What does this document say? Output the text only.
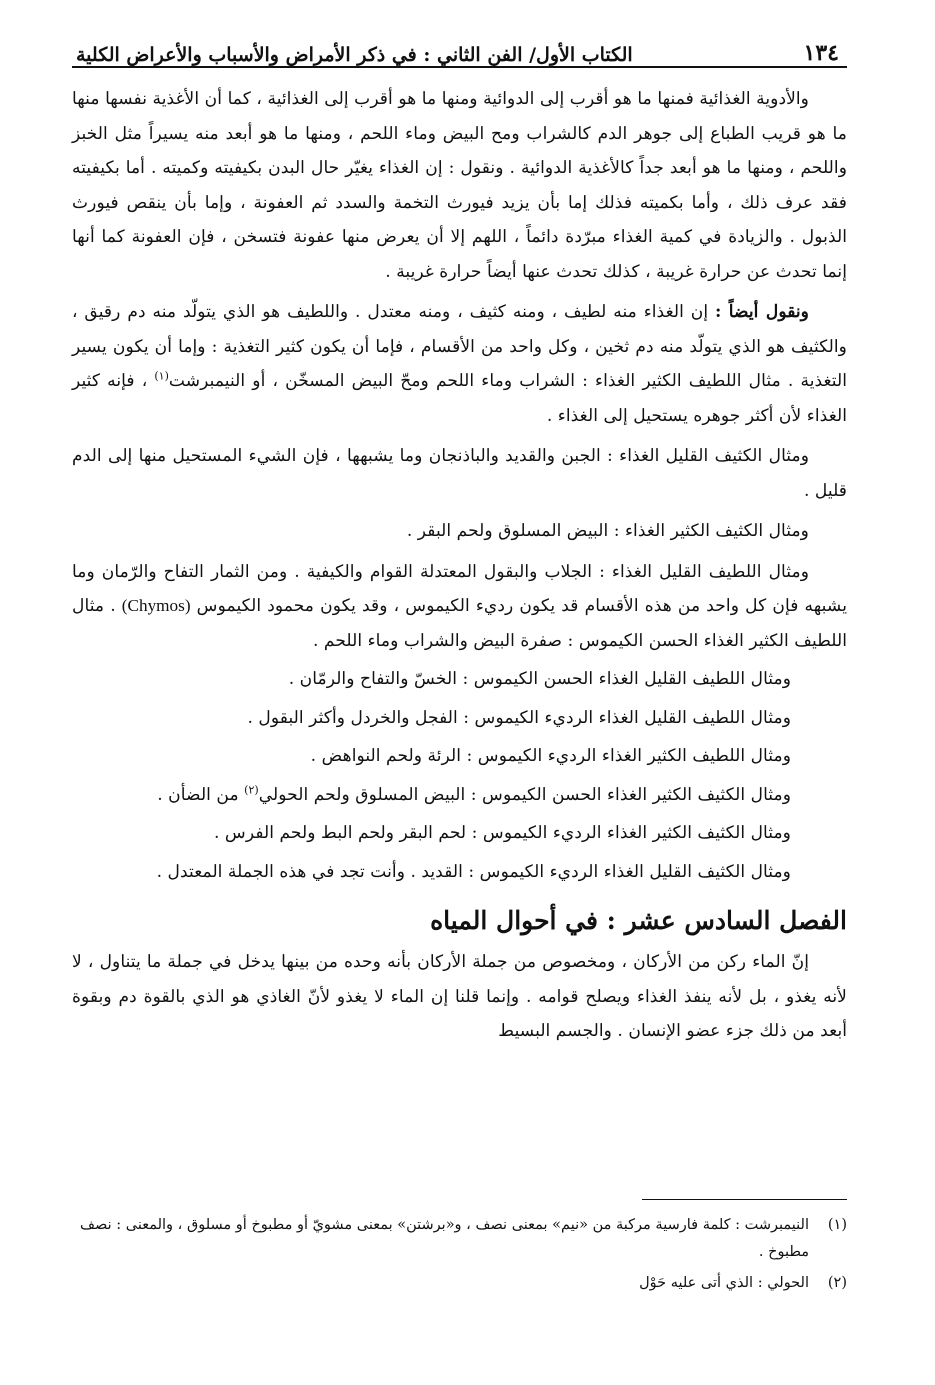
١٣٤
الكتاب الأول/ الفن الثاني : في ذكر الأمراض والأسباب والأعراض الكلية

والأدوية الغذائية فمنها ما هو أقرب إلى الدوائية ومنها ما هو أقرب إلى الغذائية ، كما أن الأغذية نفسها منها ما هو قريب الطباع إلى جوهر الدم كالشراب ومح البيض وماء اللحم ، ومنها ما هو أبعد منه يسيراً مثل الخبز واللحم ، ومنها ما هو أبعد جداً كالأغذية الدوائية . ونقول : إن الغذاء يغيّر حال البدن بكيفيته وكميته . أما بكيفيته فقد عرف ذلك ، وأما بكميته فذلك إما بأن يزيد فيورث التخمة والسدد ثم العفونة ، وإما بأن ينقص فيورث الذبول . والزيادة في كمية الغذاء مبرّدة دائماً ، اللهم إلا أن يعرض منها عفونة فتسخن ، فإن العفونة كما أنها إنما تحدث عن حرارة غريبة ، كذلك تحدث عنها أيضاً حرارة غريبة .

ونقول أيضاً : إن الغذاء منه لطيف ، ومنه كثيف ، ومنه معتدل . واللطيف هو الذي يتولّد منه دم رقيق ، والكثيف هو الذي يتولّد منه دم ثخين ، وكل واحد من الأقسام ، فإما أن يكون كثير التغذية : وإما أن يكون يسير التغذية . مثال اللطيف الكثير الغذاء : الشراب وماء اللحم ومحّ البيض المسخّن ، أو النيمبرشت$^{(١)}$ ، فإنه كثير الغذاء لأن أكثر جوهره يستحيل إلى الغذاء .

ومثال الكثيف القليل الغذاء : الجبن والقديد والباذنجان وما يشبهها ، فإن الشيء المستحيل منها إلى الدم قليل .

ومثال الكثيف الكثير الغذاء : البيض المسلوق ولحم البقر .

ومثال اللطيف القليل الغذاء : الجلاب والبقول المعتدلة القوام والكيفية . ومن الثمار التفاح والرّمان وما يشبهه فإن كل واحد من هذه الأقسام قد يكون رديء الكيموس ، وقد يكون محمود الكيموس (Chymos) . مثال اللطيف الكثير الغذاء الحسن الكيموس : صفرة البيض والشراب وماء اللحم .

ومثال اللطيف القليل الغذاء الحسن الكيموس : الخسّ والتفاح والرمّان .

ومثال اللطيف القليل الغذاء الرديء الكيموس : الفجل والخردل وأكثر البقول .

ومثال اللطيف الكثير الغذاء الرديء الكيموس : الرئة ولحم النواهض .

ومثال الكثيف الكثير الغذاء الحسن الكيموس : البيض المسلوق ولحم الحولي$^{(٢)}$ من الضأن .

ومثال الكثيف الكثير الغذاء الرديء الكيموس : لحم البقر ولحم البط ولحم الفرس .

ومثال الكثيف القليل الغذاء الرديء الكيموس : القديد . وأنت تجد في هذه الجملة المعتدل .

الفصل السادس عشر : في أحوال المياه

إنّ الماء ركن من الأركان ، ومخصوص من جملة الأركان بأنه وحده من بينها يدخل في جملة ما يتناول ، لا لأنه يغذو ، بل لأنه ينفذ الغذاء ويصلح قوامه . وإنما قلنا إن الماء لا يغذو لأنّ الغاذي هو الذي بالقوة دم وبقوة أبعد من ذلك جزء عضو الإنسان . والجسم البسيط

(١)
النيمبرشت : كلمة فارسية مركبة من «نيم» بمعنى نصف ، و«برشتن» بمعنى مشويّ أو مطبوخ أو مسلوق ، والمعنى : نصف مطبوخ .
(٢)
الحولي : الذي أتى عليه حَوْل
